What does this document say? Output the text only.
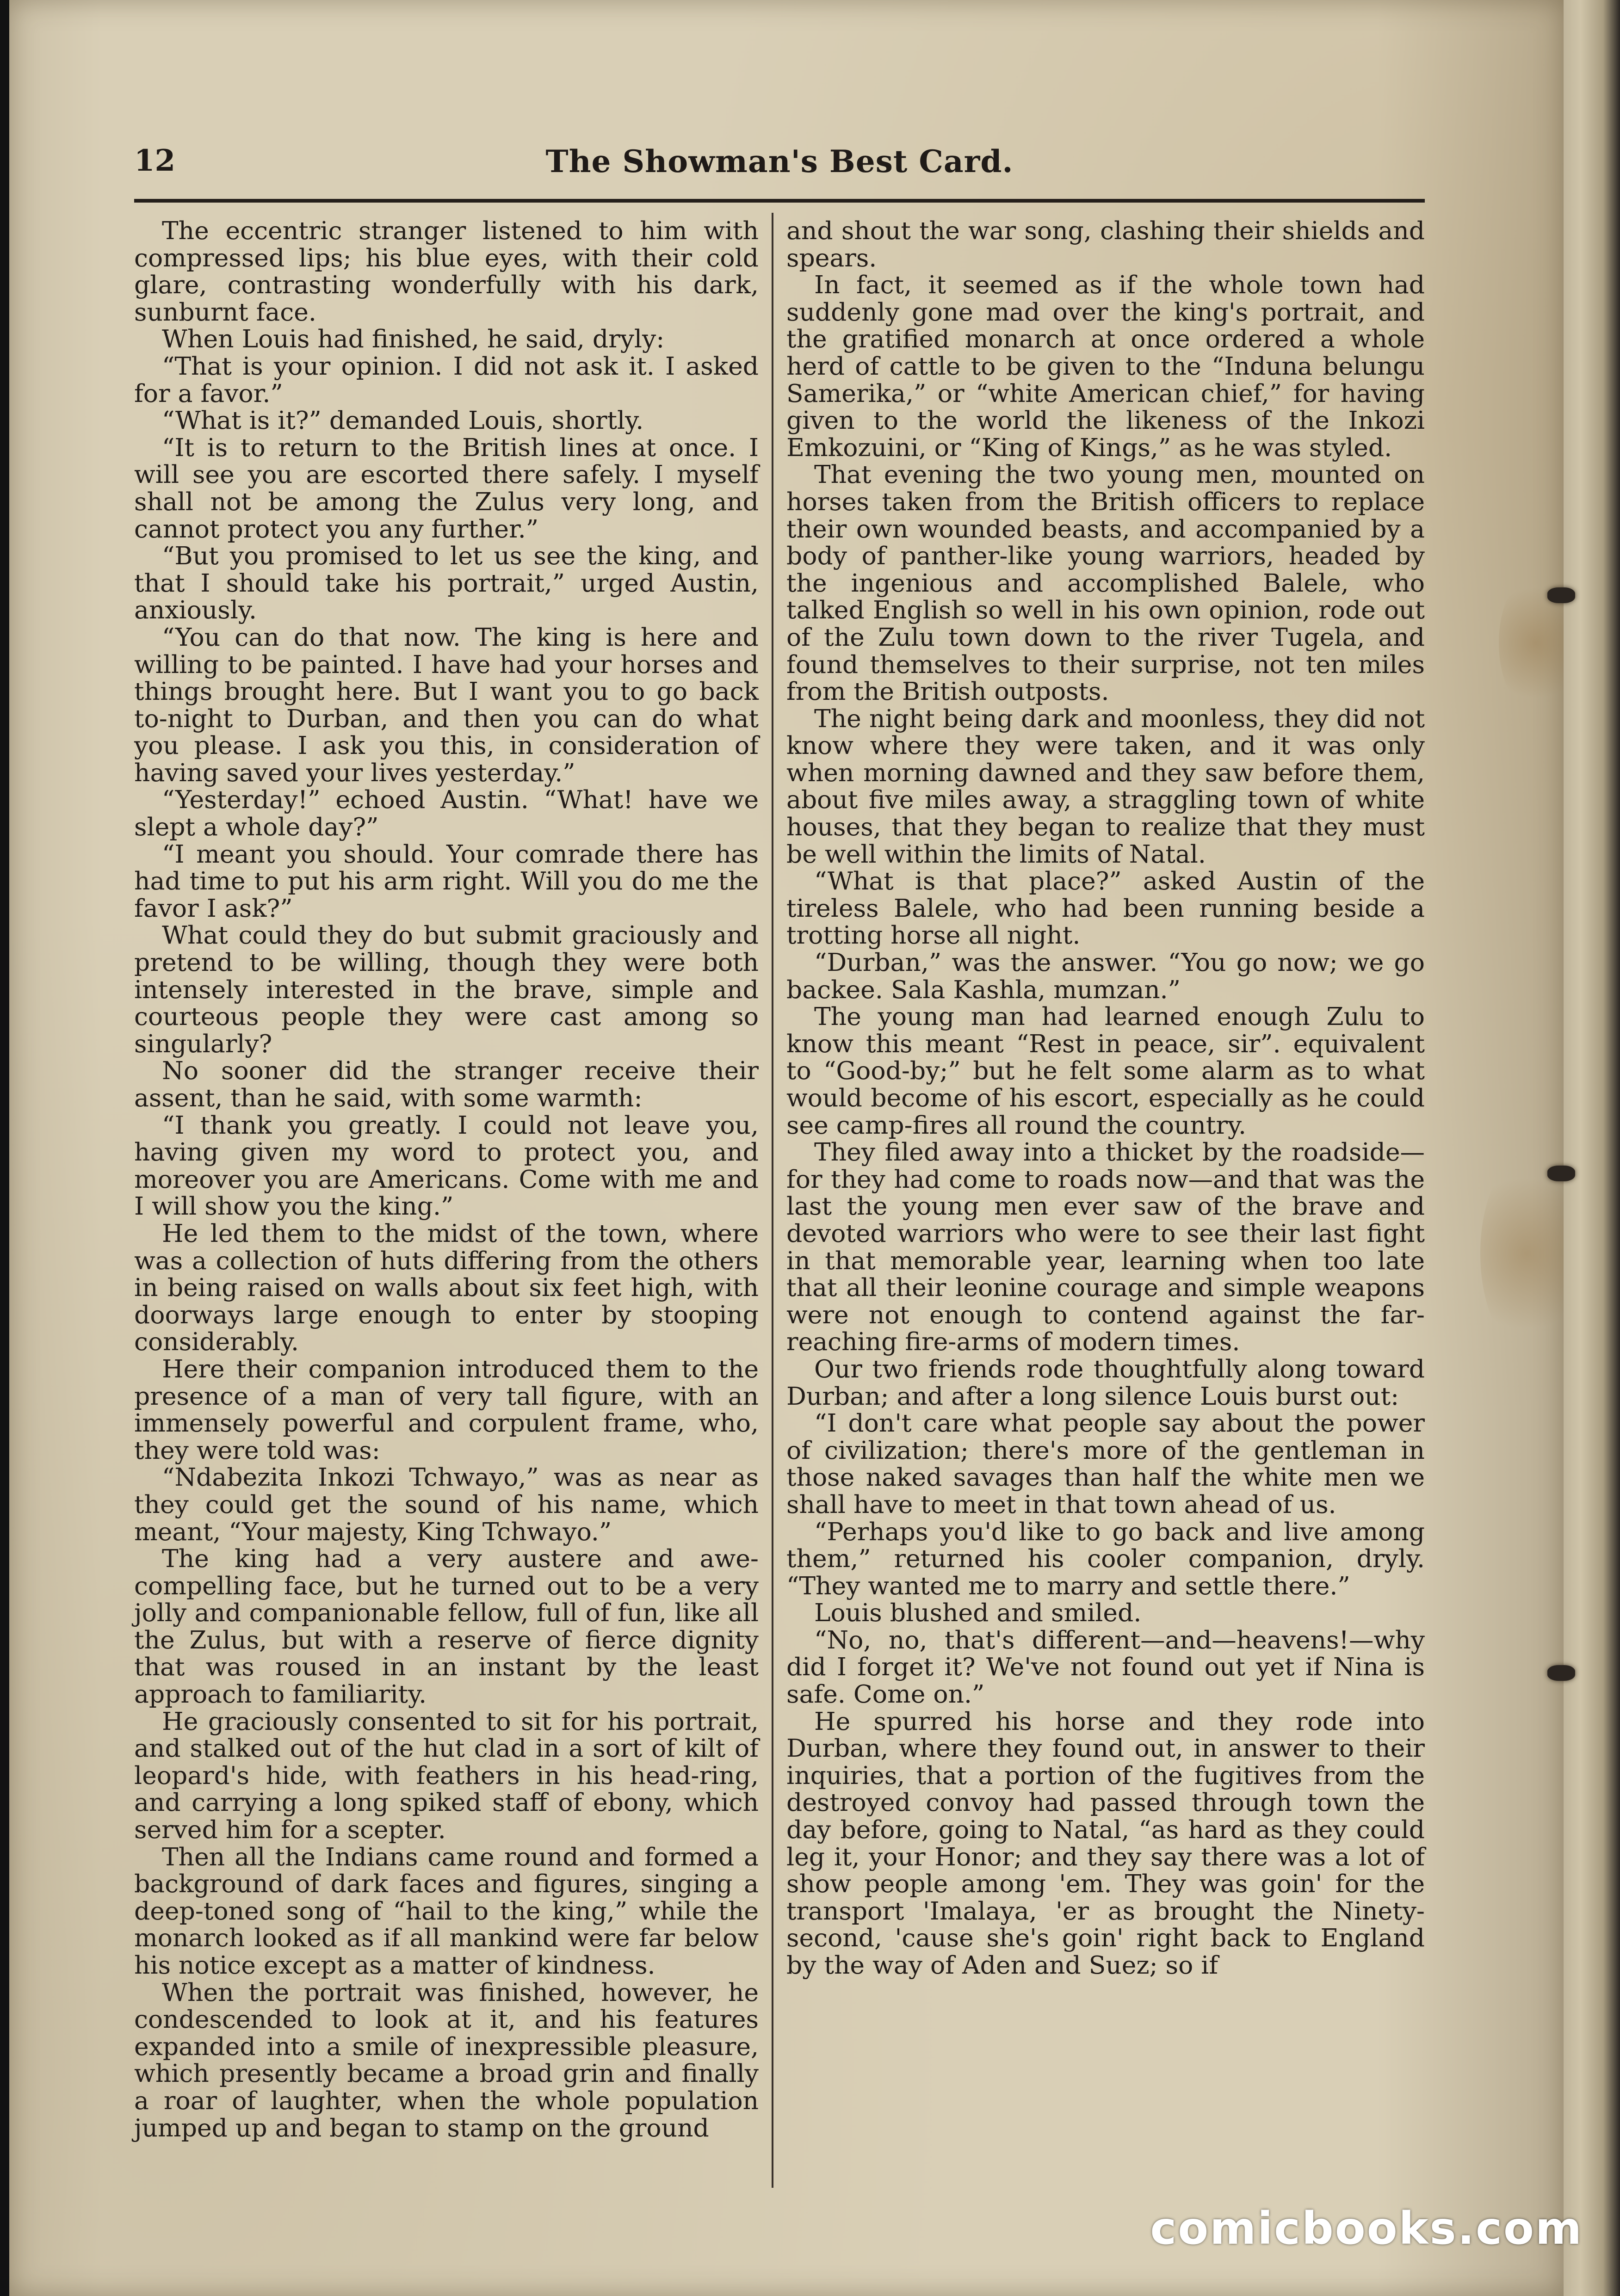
12	The Showman's Best Card.

The eccentric stranger listened to him with compressed lips; his blue eyes, with their cold glare, contrasting wonderfully with his dark, sunburnt face.

When Louis had finished, he said, dryly:

“That is your opinion. I did not ask it. I asked for a favor.”

“What is it?” demanded Louis, shortly.

“It is to return to the British lines at once. I will see you are escorted there safely. I myself shall not be among the Zulus very long, and cannot protect you any further.”

“But you promised to let us see the king, and that I should take his portrait,” urged Austin, anxiously.

“You can do that now. The king is here and willing to be painted. I have had your horses and things brought here. But I want you to go back to-night to Durban, and then you can do what you please. I ask you this, in consideration of having saved your lives yesterday.”

“Yesterday!” echoed Austin. “What! have we slept a whole day?”

“I meant you should. Your comrade there has had time to put his arm right. Will you do me the favor I ask?”

What could they do but submit graciously and pretend to be willing, though they were both intensely interested in the brave, simple and courteous people they were cast among so singularly?

No sooner did the stranger receive their assent, than he said, with some warmth:

“I thank you greatly. I could not leave you, having given my word to protect you, and moreover you are Americans. Come with me and I will show you the king.”

He led them to the midst of the town, where was a collection of huts differing from the others in being raised on walls about six feet high, with doorways large enough to enter by stooping considerably.

Here their companion introduced them to the presence of a man of very tall figure, with an immensely powerful and corpulent frame, who, they were told was:

“Ndabezita Inkozi Tchwayo,” was as near as they could get the sound of his name, which meant, “Your majesty, King Tchwayo.”

The king had a very austere and awe-compelling face, but he turned out to be a very jolly and companionable fellow, full of fun, like all the Zulus, but with a reserve of fierce dignity that was roused in an instant by the least approach to familiarity.

He graciously consented to sit for his portrait, and stalked out of the hut clad in a sort of kilt of leopard's hide, with feathers in his head-ring, and carrying a long spiked staff of ebony, which served him for a scepter.

Then all the Indians came round and formed a background of dark faces and figures, singing a deep-toned song of “hail to the king,” while the monarch looked as if all mankind were far below his notice except as a matter of kindness.

When the portrait was finished, however, he condescended to look at it, and his features expanded into a smile of inexpressible pleasure, which presently became a broad grin and finally a roar of laughter, when the whole population jumped up and began to stamp on the ground

and shout the war song, clashing their shields and spears.

In fact, it seemed as if the whole town had suddenly gone mad over the king's portrait, and the gratified monarch at once ordered a whole herd of cattle to be given to the “Induna belungu Samerika,” or “white American chief,” for having given to the world the likeness of the Inkozi Emkozuini, or “King of Kings,” as he was styled.

That evening the two young men, mounted on horses taken from the British officers to replace their own wounded beasts, and accompanied by a body of panther-like young warriors, headed by the ingenious and accomplished Balele, who talked English so well in his own opinion, rode out of the Zulu town down to the river Tugela, and found themselves to their surprise, not ten miles from the British outposts.

The night being dark and moonless, they did not know where they were taken, and it was only when morning dawned and they saw before them, about five miles away, a straggling town of white houses, that they began to realize that they must be well within the limits of Natal.

“What is that place?” asked Austin of the tireless Balele, who had been running beside a trotting horse all night.

“Durban,” was the answer. “You go now; we go backee. Sala Kashla, mumzan.”

The young man had learned enough Zulu to know this meant “Rest in peace, sir”. equivalent to “Good-by;” but he felt some alarm as to what would become of his escort, especially as he could see camp-fires all round the country.

They filed away into a thicket by the roadside—for they had come to roads now—and that was the last the young men ever saw of the brave and devoted warriors who were to see their last fight in that memorable year, learning when too late that all their leonine courage and simple weapons were not enough to contend against the far-reaching fire-arms of modern times.

Our two friends rode thoughtfully along toward Durban; and after a long silence Louis burst out:

“I don't care what people say about the power of civilization; there's more of the gentleman in those naked savages than half the white men we shall have to meet in that town ahead of us.

“Perhaps you'd like to go back and live among them,” returned his cooler companion, dryly. “They wanted me to marry and settle there.”

Louis blushed and smiled.

“No, no, that's different—and—heavens!—why did I forget it? We've not found out yet if Nina is safe. Come on.”

He spurred his horse and they rode into Durban, where they found out, in answer to their inquiries, that a portion of the fugitives from the destroyed convoy had passed through town the day before, going to Natal, “as hard as they could leg it, your Honor; and they say there was a lot of show people among 'em. They was goin' for the transport 'Imalaya, 'er as brought the Ninety-second, 'cause she's goin' right back to England by the way of Aden and Suez; so if

comicbooks.com
